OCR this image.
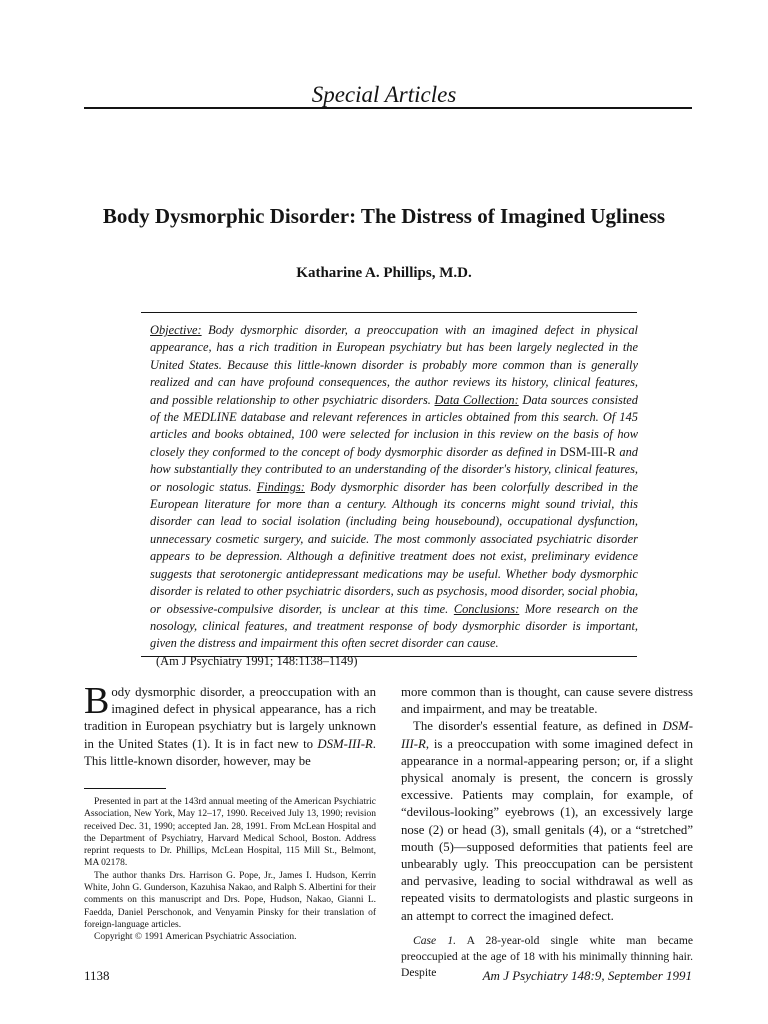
Special Articles
Body Dysmorphic Disorder: The Distress of Imagined Ugliness
Katharine A. Phillips, M.D.
Objective: Body dysmorphic disorder, a preoccupation with an imagined defect in physical appearance, has a rich tradition in European psychiatry but has been largely neglected in the United States. Because this little-known disorder is probably more common than is generally realized and can have profound consequences, the author reviews its history, clinical features, and possible relationship to other psychiatric disorders. Data Collection: Data sources consisted of the MEDLINE database and relevant references in articles obtained from this search. Of 145 articles and books obtained, 100 were selected for inclusion in this review on the basis of how closely they conformed to the concept of body dysmorphic disorder as defined in DSM-III-R and how substantially they contributed to an understanding of the disorder's history, clinical features, or nosologic status. Findings: Body dysmorphic disorder has been colorfully described in the European literature for more than a century. Although its concerns might sound trivial, this disorder can lead to social isolation (including being housebound), occupational dysfunction, unnecessary cosmetic surgery, and suicide. The most commonly associated psychiatric disorder appears to be depression. Although a definitive treatment does not exist, preliminary evidence suggests that serotonergic antidepressant medications may be useful. Whether body dysmorphic disorder is related to other psychiatric disorders, such as psychosis, mood disorder, social phobia, or obsessive-compulsive disorder, is unclear at this time. Conclusions: More research on the nosology, clinical features, and treatment response of body dysmorphic disorder is important, given the distress and impairment this often secret disorder can cause.
(Am J Psychiatry 1991; 148:1138–1149)
Body dysmorphic disorder, a preoccupation with an imagined defect in physical appearance, has a rich tradition in European psychiatry but is largely unknown in the United States (1). It is in fact new to DSM-III-R. This little-known disorder, however, may be

Presented in part at the 143rd annual meeting of the American Psychiatric Association, New York, May 12–17, 1990. Received July 13, 1990; revision received Dec. 31, 1990; accepted Jan. 28, 1991. From McLean Hospital and the Department of Psychiatry, Harvard Medical School, Boston. Address reprint requests to Dr. Phillips, McLean Hospital, 115 Mill St., Belmont, MA 02178.

The author thanks Drs. Harrison G. Pope, Jr., James I. Hudson, Kerrin White, John G. Gunderson, Kazuhisa Nakao, and Ralph S. Albertini for their comments on this manuscript and Drs. Pope, Hudson, Nakao, Gianni L. Faedda, Daniel Perschonok, and Venyamin Pinsky for their translation of foreign-language articles.

Copyright © 1991 American Psychiatric Association.

more common than is thought, can cause severe distress and impairment, and may be treatable.

The disorder's essential feature, as defined in DSM-III-R, is a preoccupation with some imagined defect in appearance in a normal-appearing person; or, if a slight physical anomaly is present, the concern is grossly excessive. Patients may complain, for example, of “devilous-looking” eyebrows (1), an excessively large nose (2) or head (3), small genitals (4), or a “stretched” mouth (5)—supposed deformities that patients feel are unbearably ugly. This preoccupation can be persistent and pervasive, leading to social withdrawal as well as repeated visits to dermatologists and plastic surgeons in an attempt to correct the imagined defect.

Case 1. A 28-year-old single white man became preoccupied at the age of 18 with his minimally thinning hair. Despite

1138	Am J Psychiatry 148:9, September 1991
